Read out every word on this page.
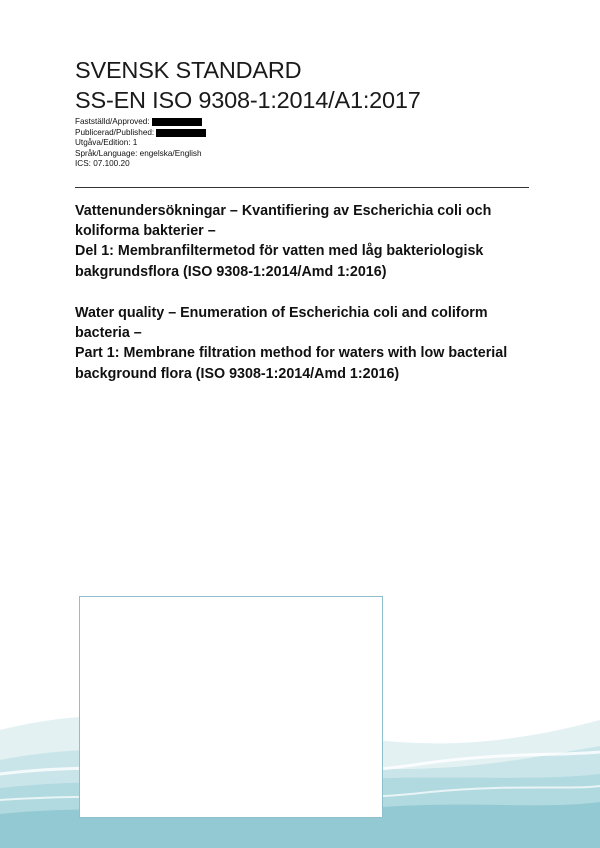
SVENSK STANDARD
SS-EN ISO 9308-1:2014/A1:2017
Fastställd/Approved:
Publicerad/Published:
Utgåva/Edition: 1
Språk/Language: engelska/English
ICS: 07.100.20
Vattenundersökningar – Kvantifiering av Escherichia coli och
koliforma bakterier –
Del 1: Membranfiltermetod för vatten med låg bakteriologisk
bakgrundsflora (ISO 9308-1:2014/Amd 1:2016)
Water quality – Enumeration of Escherichia coli and coliform
bacteria –
Part 1: Membrane filtration method for waters with low bacterial
background flora (ISO 9308-1:2014/Amd 1:2016)
